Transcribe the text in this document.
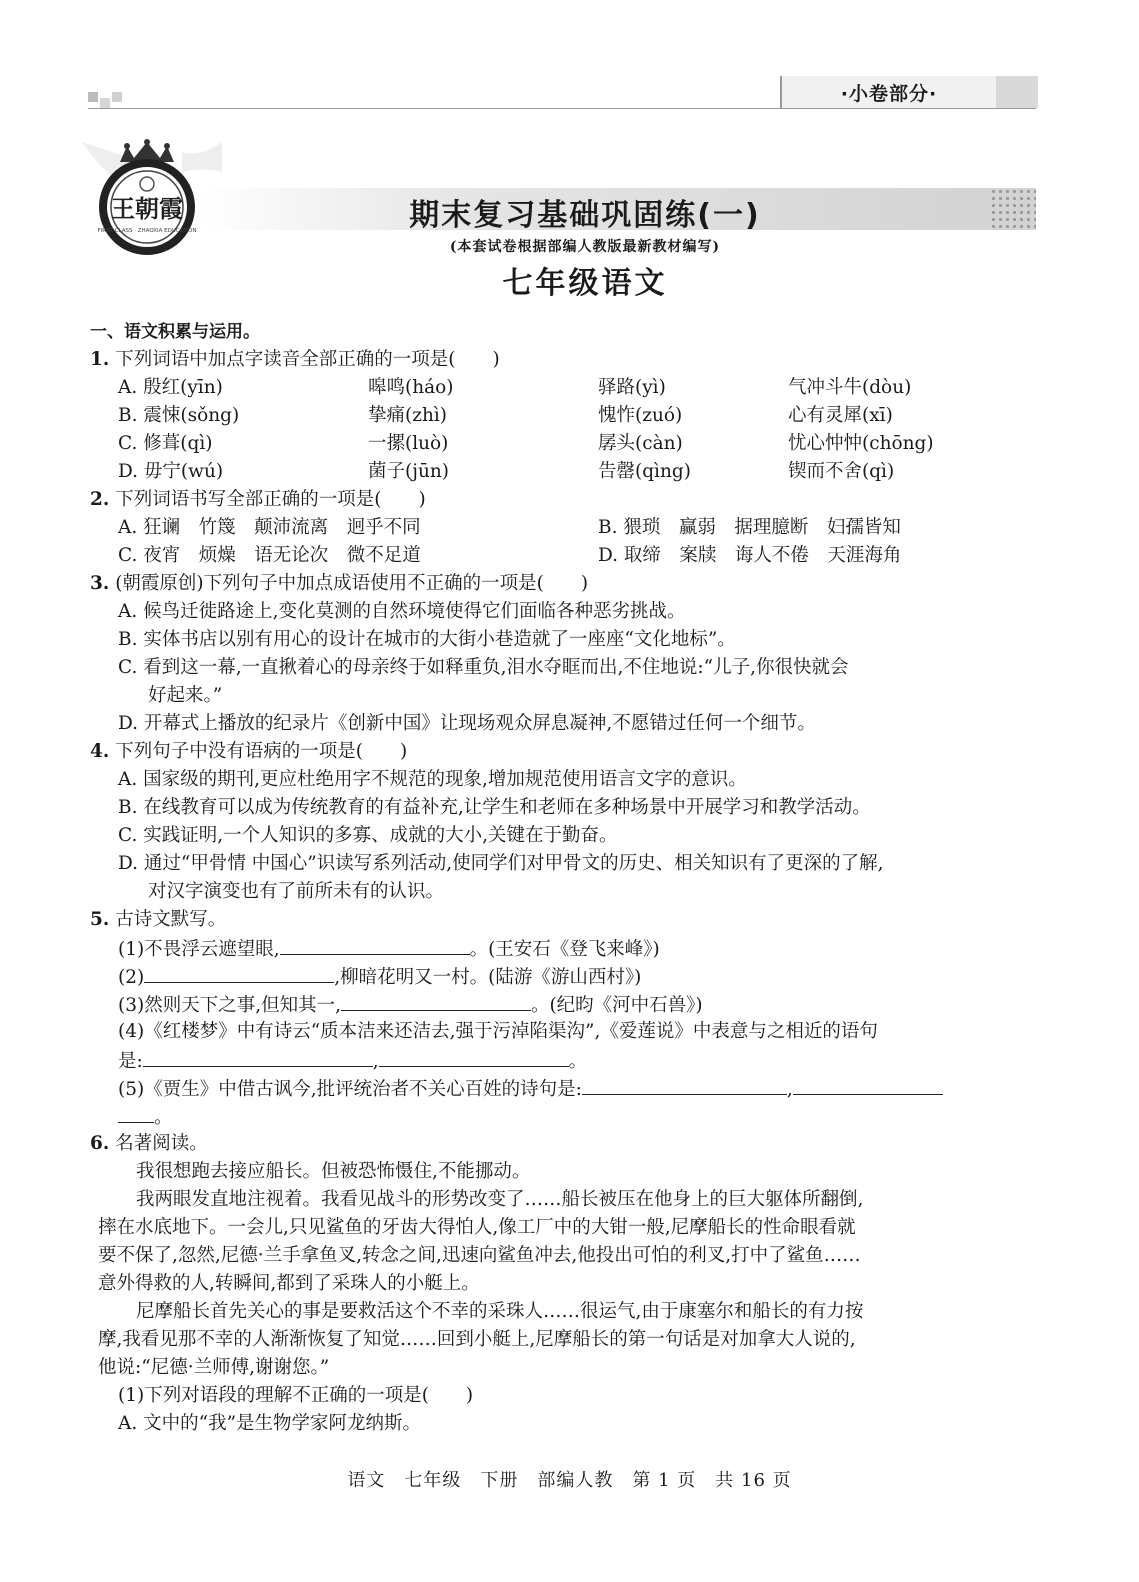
·小卷部分·
王朝霞
FIRST CLASS · ZHAOXIA EDUCATION	期末复习基础巩固练(一)
(本套试卷根据部编人教版最新教材编写)
七年级语文
一、语文积累与运用。
1. 下列词语中加点字读音全部正确的一项是(　　)
A. 殷红(yīn)	嗥鸣(háo)	驿路(yì)	气冲斗牛(dòu)
B. 震悚(sǒng)	挚痛(zhì)	愧怍(zuó)	心有灵犀(xī)
C. 修葺(qì)	一摞(luò)	孱头(càn)	忧心忡忡(chōng)
D. 毋宁(wú)	菌子(jūn)	告罄(qìng)	锲而不舍(qì)
2. 下列词语书写全部正确的一项是(　　)
A. 狂谰　竹篾　颠沛流离　迥乎不同	B. 猥琐　赢弱　据理臆断　妇孺皆知
C. 夜宵　烦燥　语无论次　微不足道	D. 取缔　案牍　诲人不倦　天涯海角
3. (朝霞原创)下列句子中加点成语使用不正确的一项是(　　)
A. 候鸟迁徙路途上,变化莫测的自然环境使得它们面临各种恶劣挑战。
B. 实体书店以别有用心的设计在城市的大街小巷造就了一座座“文化地标”。
C. 看到这一幕,一直揪着心的母亲终于如释重负,泪水夺眶而出,不住地说:“儿子,你很快就会
好起来。”
D. 开幕式上播放的纪录片《创新中国》让现场观众屏息凝神,不愿错过任何一个细节。
4. 下列句子中没有语病的一项是(　　)
A. 国家级的期刊,更应杜绝用字不规范的现象,增加规范使用语言文字的意识。
B. 在线教育可以成为传统教育的有益补充,让学生和老师在多种场景中开展学习和教学活动。
C. 实践证明,一个人知识的多寡、成就的大小,关键在于勤奋。
D. 通过“甲骨情 中国心”识读写系列活动,使同学们对甲骨文的历史、相关知识有了更深的了解,
对汉字演变也有了前所未有的认识。
5. 古诗文默写。
(1)不畏浮云遮望眼,	。(王安石《登飞来峰》)
(2)	,柳暗花明又一村。(陆游《游山西村》)
(3)然则天下之事,但知其一,	。(纪昀《河中石兽》)
(4)《红楼梦》中有诗云“质本洁来还洁去,强于污淖陷渠沟”,《爱莲说》中表意与之相近的语句
是:	,	。
(5)《贾生》中借古讽今,批评统治者不关心百姓的诗句是:	,
。
6. 名著阅读。
我很想跑去接应船长。但被恐怖慑住,不能挪动。
我两眼发直地注视着。我看见战斗的形势改变了……船长被压在他身上的巨大躯体所翻倒,
摔在水底地下。一会儿,只见鲨鱼的牙齿大得怕人,像工厂中的大钳一般,尼摩船长的性命眼看就
要不保了,忽然,尼德·兰手拿鱼叉,转念之间,迅速向鲨鱼冲去,他投出可怕的利叉,打中了鲨鱼……
意外得救的人,转瞬间,都到了采珠人的小艇上。
尼摩船长首先关心的事是要救活这个不幸的采珠人……很运气,由于康塞尔和船长的有力按
摩,我看见那不幸的人渐渐恢复了知觉……回到小艇上,尼摩船长的第一句话是对加拿大人说的,
他说:“尼德·兰师傅,谢谢您。”
(1)下列对语段的理解不正确的一项是(　　)
A. 文中的“我”是生物学家阿龙纳斯。
语文　七年级　下册　部编人教　第 1 页　共 16 页
